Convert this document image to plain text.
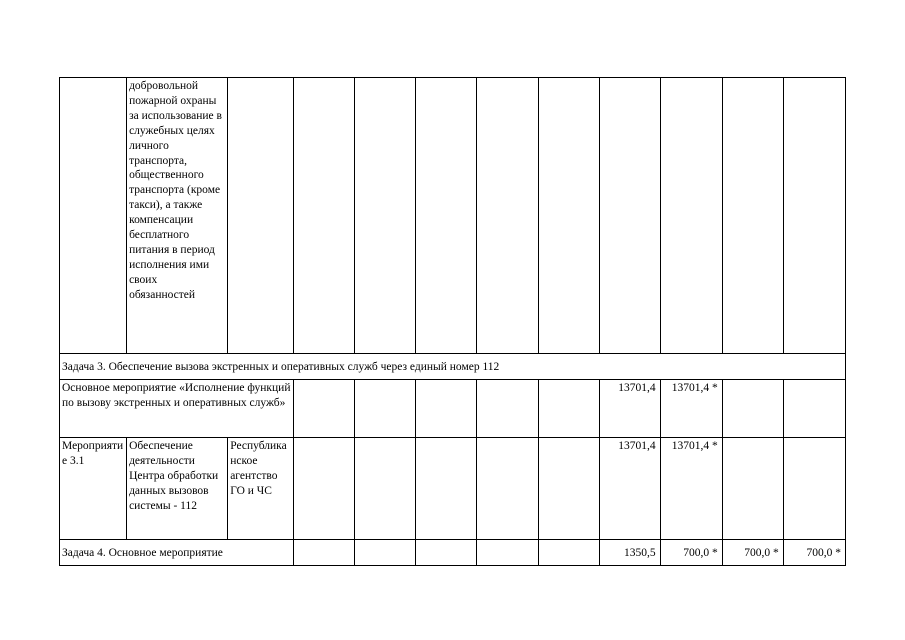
	добровольной пожарной охраны за использование в служебных целях личного транспорта, общественного транспорта (кроме такси), а также компенсации бесплатного питания в период исполнения ими своих обязанностей										
Задача 3. Обеспечение вызова экстренных и оперативных служб через единый номер 112											
Основное мероприятие «Исполнение функций по вызову экстренных и оперативных служб»								13701,4	13701,4 *		
Мероприятие 3.1	Обеспечение деятельности Центра обработки данных вызовов системы - 112	Республиканское агентство ГО и ЧС						13701,4	13701,4 *		
Задача 4. Основное мероприятие								1350,5	700,0 *	700,0 *	700,0 *
